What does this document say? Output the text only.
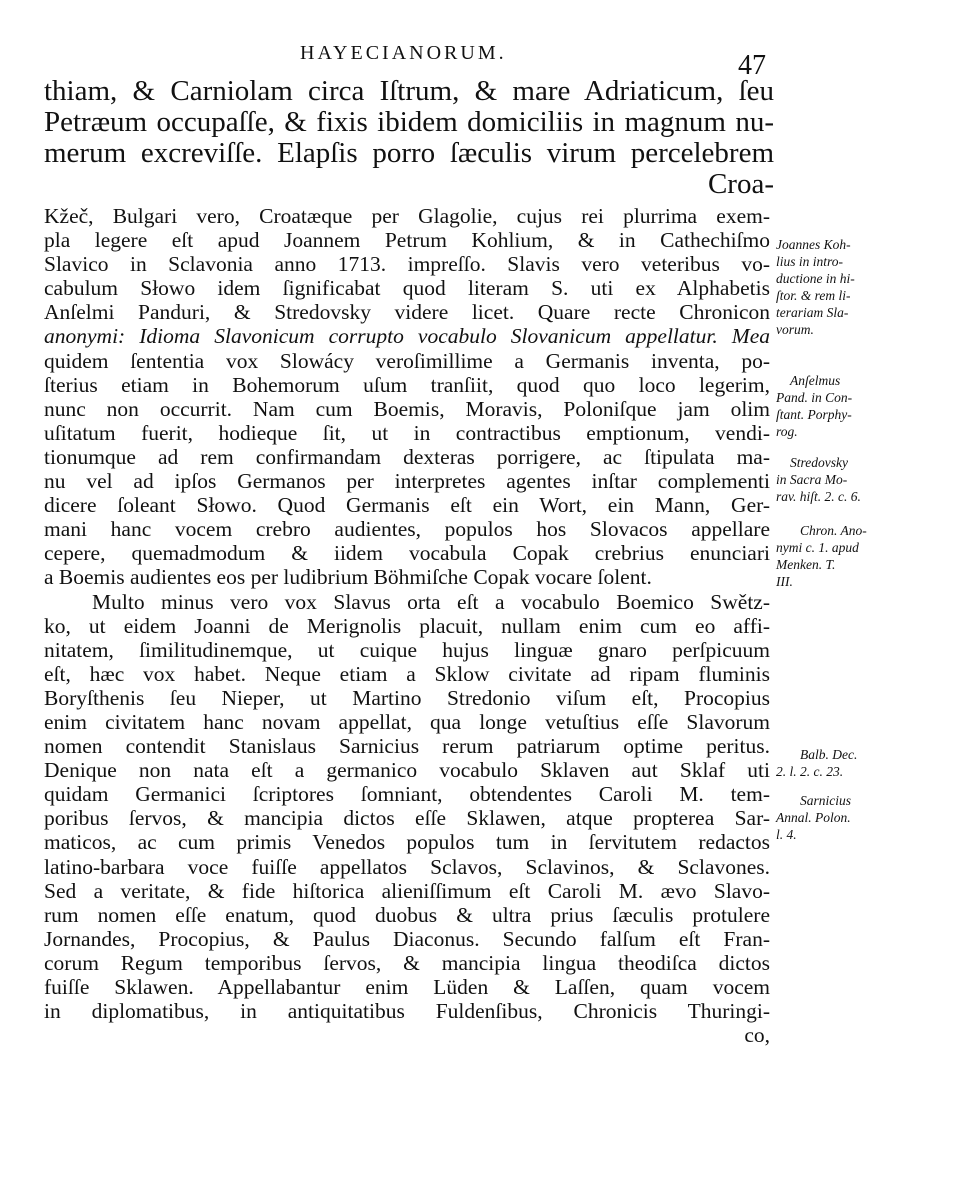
HAYECIANORUM.	47
thiam, & Carniolam circa Iſtrum, & mare Adriaticum, ſeu
Petræum occupaſſe, & fixis ibidem domiciliis in magnum nu-
merum excreviſſe. Elapſis porro ſæculis virum percelebrem
Croa-
Kžeč, Bulgari vero, Croatæque per Glagolie, cujus rei plurrima exem-
pla legere eſt apud Joannem Petrum Kohlium, & in Cathechiſmo
Slavico in Sclavonia anno 1713. impreſſo. Slavis vero veteribus vo-
cabulum Słowo idem ſignificabat quod literam S. uti ex Alphabetis
Anſelmi Panduri, & Stredovsky videre licet. Quare recte Chronicon
anonymi: Idioma Slavonicum corrupto vocabulo Slovanicum appellatur. Mea
quidem ſententia vox Slowácy veroſimillime a Germanis inventa, po-
ſterius etiam in Bohemorum uſum tranſiit, quod quo loco legerim,
nunc non occurrit. Nam cum Boemis, Moravis, Poloniſque jam olim
uſitatum fuerit, hodieque ſit, ut in contractibus emptionum, vendi-
tionumque ad rem confirmandam dexteras porrigere, ac ſtipulata ma-
nu vel ad ipſos Germanos per interpretes agentes inſtar complementi
dicere ſoleant Słowo. Quod Germanis eſt ein Wort, ein Mann, Ger-
mani hanc vocem crebro audientes, populos hos Slovacos appellare
cepere, quemadmodum & iidem vocabula Copak crebrius enunciari
a Boemis audientes eos per ludibrium Böhmiſche Copak vocare ſolent.
Multo minus vero vox Slavus orta eſt a vocabulo Boemico Swětz-
ko, ut eidem Joanni de Merignolis placuit, nullam enim cum eo affi-
nitatem, ſimilitudinemque, ut cuique hujus linguæ gnaro perſpicuum
eſt, hæc vox habet. Neque etiam a Sklow civitate ad ripam fluminis
Boryſthenis ſeu Nieper, ut Martino Stredonio viſum eſt, Procopius
enim civitatem hanc novam appellat, qua longe vetuſtius eſſe Slavorum
nomen contendit Stanislaus Sarnicius rerum patriarum optime peritus.
Denique non nata eſt a germanico vocabulo Sklaven aut Sklaf uti
quidam Germanici ſcriptores ſomniant, obtendentes Caroli M. tem-
poribus ſervos, & mancipia dictos eſſe Sklawen, atque propterea Sar-
maticos, ac cum primis Venedos populos tum in ſervitutem redactos
latino-barbara voce fuiſſe appellatos Sclavos, Sclavinos, & Sclavones.
Sed a veritate, & fide hiſtorica alieniſſimum eſt Caroli M. ævo Slavo-
rum nomen eſſe enatum, quod duobus & ultra prius ſæculis protulere
Jornandes, Procopius, & Paulus Diaconus. Secundo falſum eſt Fran-
corum Regum temporibus ſervos, & mancipia lingua theodiſca dictos
fuiſſe Sklawen. Appellabantur enim Lüden & Laſſen, quam vocem
in diplomatibus, in antiquitatibus Fuldenſibus, Chronicis Thuringi-
co,
Joannes Koh-
lius in intro-
ductione in hi-
ſtor. & rem li-
terariam Sla-
vorum.
Anſelmus
Pand. in Con-
ſtant. Porphy-
rog.
Stredovsky
in Sacra Mo-
rav. hiſt. 2. c. 6.
Chron. Ano-
nymi c. 1. apud
Menken. T.
III.
Balb. Dec.
2. l. 2. c. 23.
Sarnicius
Annal. Polon.
l. 4.
